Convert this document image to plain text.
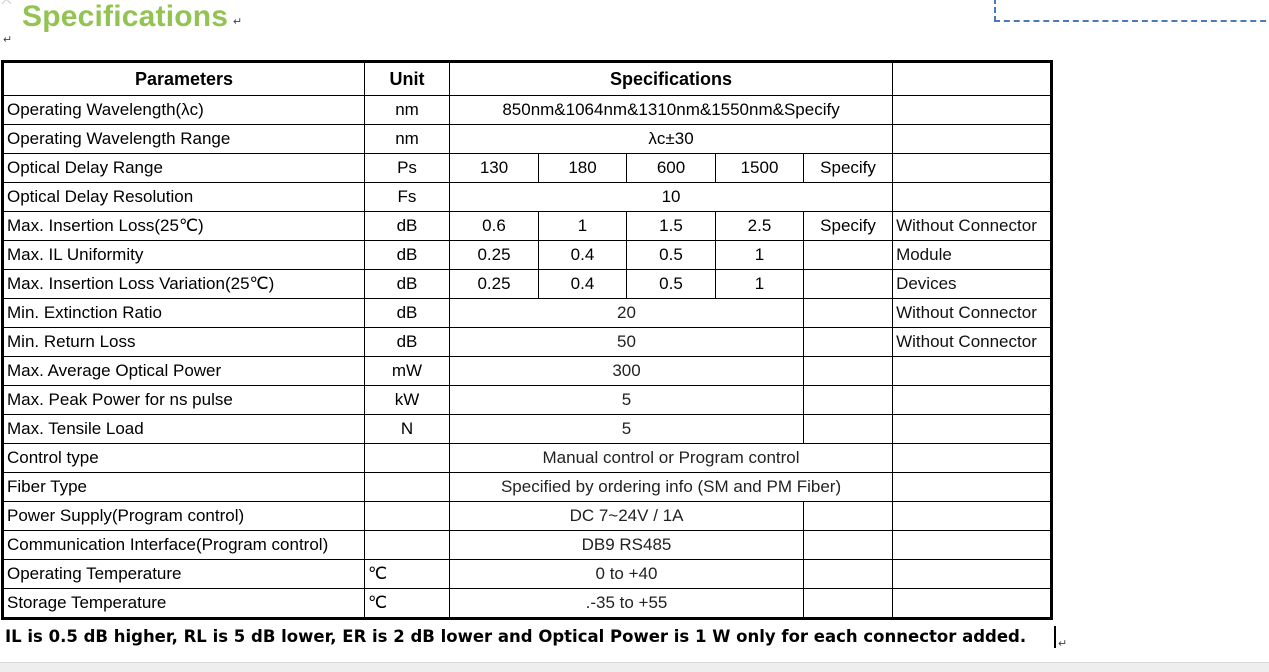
Specifications ↵
↵
Parameters	Unit	Specifications					
Operating Wavelength(λc)	nm	850nm&1064nm&1310nm&1550nm&Specify					
Operating Wavelength Range	nm	λc±30					
Optical Delay Range	Ps	130	180	600	1500	Specify	
Optical Delay Resolution	Fs	10					
Max. Insertion Loss(25℃)	dB	0.6	1	1.5	2.5	Specify	Without Connector
Max. IL Uniformity	dB	0.25	0.4	0.5	1		Module
Max. Insertion Loss Variation(25℃)	dB	0.25	0.4	0.5	1		Devices
Min. Extinction Ratio	dB	20					Without Connector
Min. Return Loss	dB	50					Without Connector
Max. Average Optical Power	mW	300					
Max. Peak Power for ns pulse	kW	5					
Max. Tensile Load	N	5					
Control type		Manual control or Program control					
Fiber Type		Specified by ordering info (SM and PM Fiber)					
Power Supply(Program control)		DC 7~24V / 1A					
Communication Interface(Program control)		DB9 RS485					
Operating Temperature	℃	0 to +40					
Storage Temperature	℃	.-35 to +55					
IL is 0.5 dB higher, RL is 5 dB lower, ER is 2 dB lower and Optical Power is 1 W only for each connector added.	↵
